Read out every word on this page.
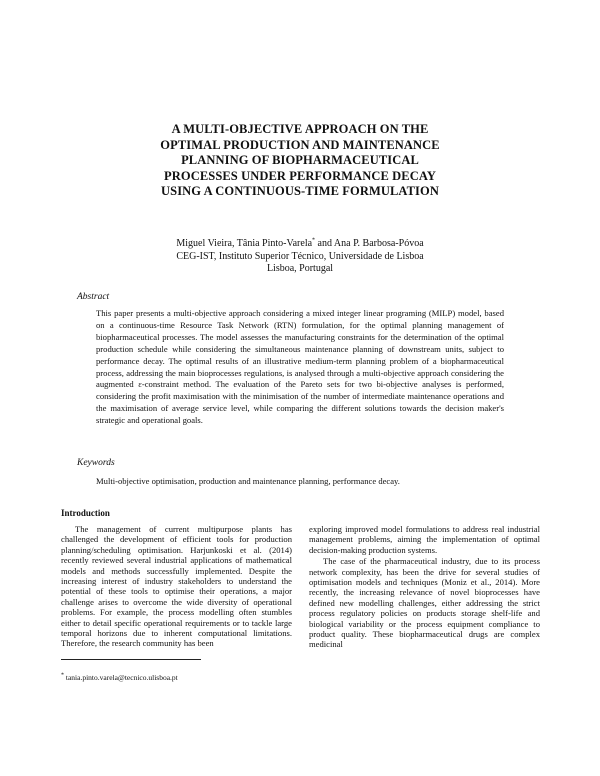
A MULTI-OBJECTIVE APPROACH ON THE
OPTIMAL PRODUCTION AND MAINTENANCE
PLANNING OF BIOPHARMACEUTICAL
PROCESSES UNDER PERFORMANCE DECAY
USING A CONTINUOUS-TIME FORMULATION
Miguel Vieira, Tânia Pinto-Varela* and Ana P. Barbosa-Póvoa
CEG-IST, Instituto Superior Técnico, Universidade de Lisboa
Lisboa, Portugal
Abstract
This paper presents a multi-objective approach considering a mixed integer linear programing (MILP) model, based on a continuous-time Resource Task Network (RTN) formulation, for the optimal planning management of biopharmaceutical processes. The model assesses the manufacturing constraints for the determination of the optimal production schedule while considering the simultaneous maintenance planning of downstream units, subject to performance decay. The optimal results of an illustrative medium-term planning problem of a biopharmaceutical process, addressing the main bioprocesses regulations, is analysed through a multi-objective approach considering the augmented ε-constraint method. The evaluation of the Pareto sets for two bi-objective analyses is performed, considering the profit maximisation with the minimisation of the number of intermediate maintenance operations and the maximisation of average service level, while comparing the different solutions towards the decision maker's strategic and operational goals.
Keywords
Multi-objective optimisation, production and maintenance planning, performance decay.
Introduction

The management of current multipurpose plants has challenged the development of efficient tools for production planning/scheduling optimisation. Harjunkoski et al. (2014) recently reviewed several industrial applications of mathematical models and methods successfully implemented. Despite the increasing interest of industry stakeholders to understand the potential of these tools to optimise their operations, a major challenge arises to overcome the wide diversity of operational problems. For example, the process modelling often stumbles either to detail specific operational requirements or to tackle large temporal horizons due to inherent computational limitations. Therefore, the research community has been

exploring improved model formulations to address real industrial management problems, aiming the implementation of optimal decision-making production systems.

The case of the pharmaceutical industry, due to its process network complexity, has been the drive for several studies of optimisation models and techniques (Moniz et al., 2014). More recently, the increasing relevance of novel bioprocesses have defined new modelling challenges, either addressing the strict process regulatory policies on products storage shelf-life and biological variability or the process equipment compliance to product quality. These biopharmaceutical drugs are complex medicinal

* tania.pinto.varela@tecnico.ulisboa.pt
